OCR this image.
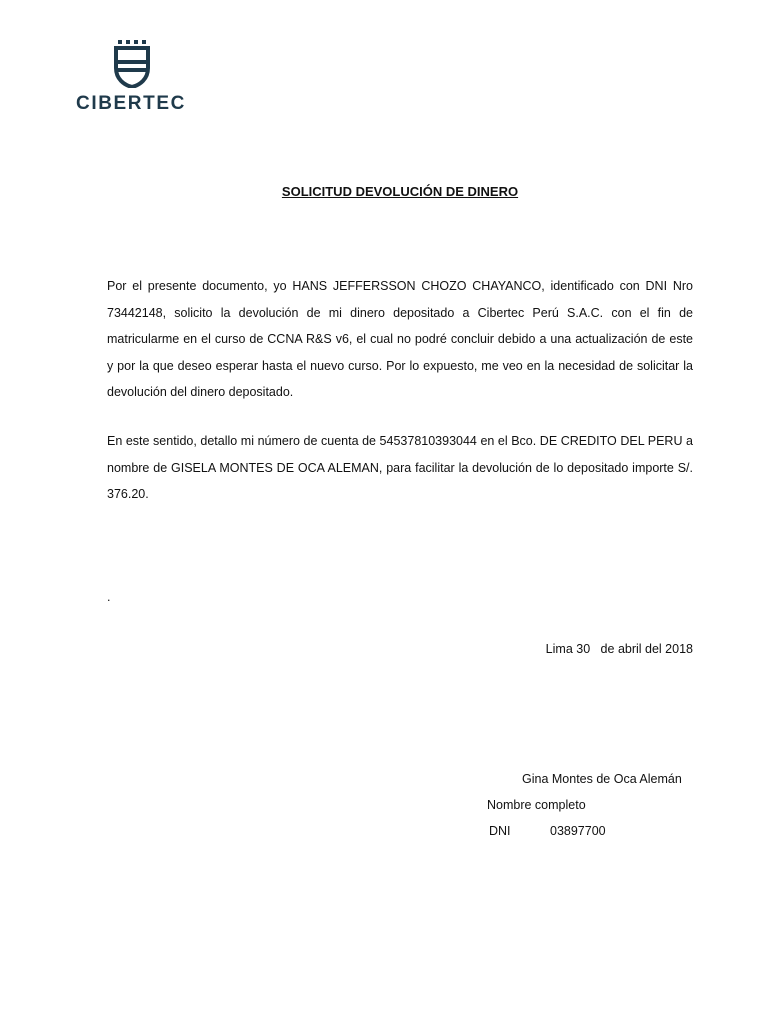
CIBERTEC
SOLICITUD DEVOLUCIÓN DE DINERO

Por el presente documento, yo HANS JEFFERSSON CHOZO CHAYANCO, identificado con DNI Nro 73442148, solicito la devolución de mi dinero depositado a Cibertec Perú S.A.C. con el fin de matricularme en el curso de CCNA R&S v6, el cual no podré concluir debido a una actualización de este y por la que deseo esperar hasta el nuevo curso. Por lo expuesto, me veo en la necesidad de solicitar la devolución del dinero depositado.

En este sentido, detallo mi número de cuenta de 54537810393044 en el Bco. DE CREDITO DEL PERU a nombre de GISELA MONTES DE OCA ALEMAN, para facilitar la devolución de lo depositado importe S/. 376.20.

.
Lima 30   de abril del 2018
Gina Montes de Oca Alemán
Nombre completo
DNI	03897700
